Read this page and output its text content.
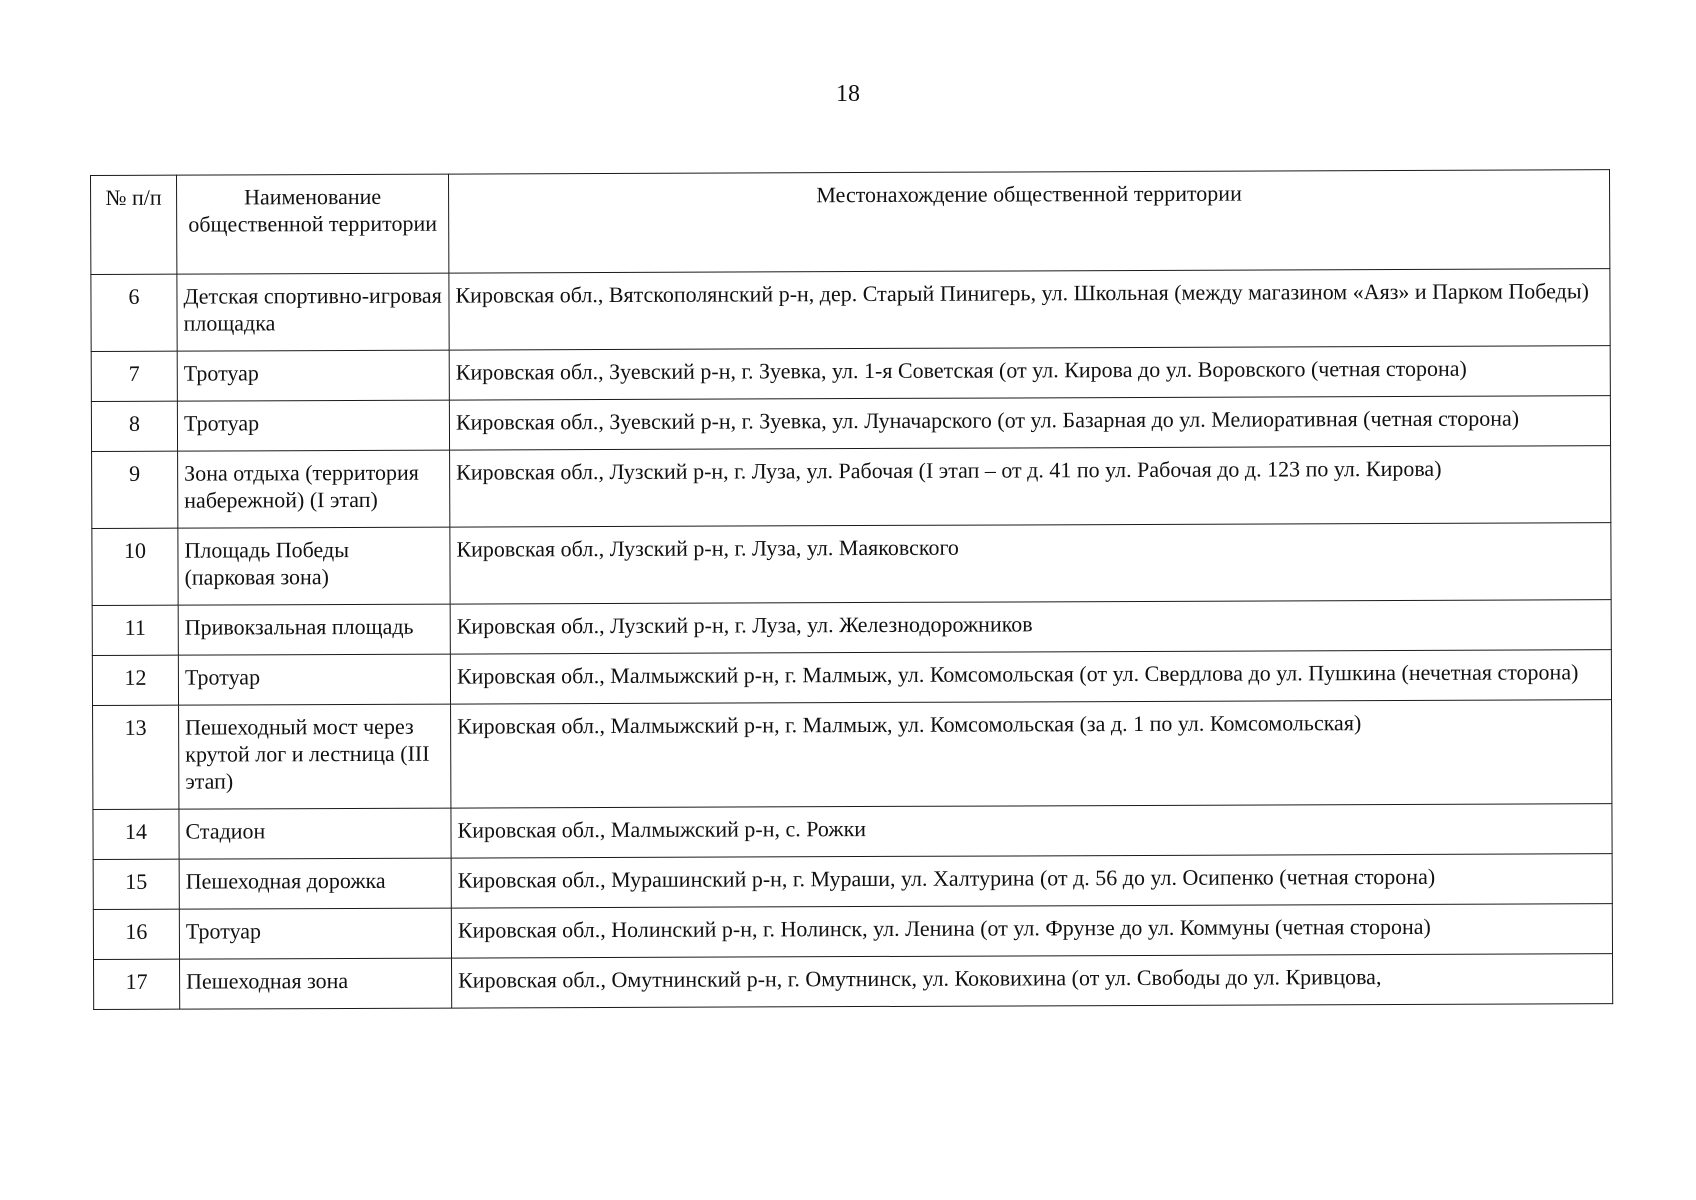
18
№ п/п	Наименование общественной территории	Местонахождение общественной территории
6	Детская спортивно-игровая площадка	Кировская обл., Вятскополянский р-н, дер. Старый Пинигерь, ул. Школьная (между магазином «Аяз» и Парком Победы)
7	Тротуар	Кировская обл., Зуевский р-н, г. Зуевка, ул. 1-я Советская (от ул. Кирова до ул. Воровского (четная сторона)
8	Тротуар	Кировская обл., Зуевский р-н, г. Зуевка, ул. Луначарского (от ул. Базарная до ул. Мелиоративная (четная сторона)
9	Зона отдыха (территория набережной) (I этап)	Кировская обл., Лузский р-н, г. Луза, ул. Рабочая (I этап – от д. 41 по ул. Рабочая до д. 123 по ул. Кирова)
10	Площадь Победы (парковая зона)	Кировская обл., Лузский р-н, г. Луза, ул. Маяковского
11	Привокзальная площадь	Кировская обл., Лузский р-н, г. Луза, ул. Железнодорожников
12	Тротуар	Кировская обл., Малмыжский р-н, г. Малмыж, ул. Комсомольская (от ул. Свердлова до ул. Пушкина (нечетная сторона)
13	Пешеходный мост через крутой лог и лестница (III этап)	Кировская обл., Малмыжский р-н, г. Малмыж, ул. Комсомольская (за д. 1 по ул. Комсомольская)
14	Стадион	Кировская обл., Малмыжский р-н, с. Рожки
15	Пешеходная дорожка	Кировская обл., Мурашинский р-н, г. Мураши, ул. Халтурина (от д. 56 до ул. Осипенко (четная сторона)
16	Тротуар	Кировская обл., Нолинский р-н, г. Нолинск, ул. Ленина (от ул. Фрунзе до ул. Коммуны (четная сторона)
17	Пешеходная зона	Кировская обл., Омутнинский р-н, г. Омутнинск, ул. Коковихина (от ул. Свободы до ул. Кривцова,
